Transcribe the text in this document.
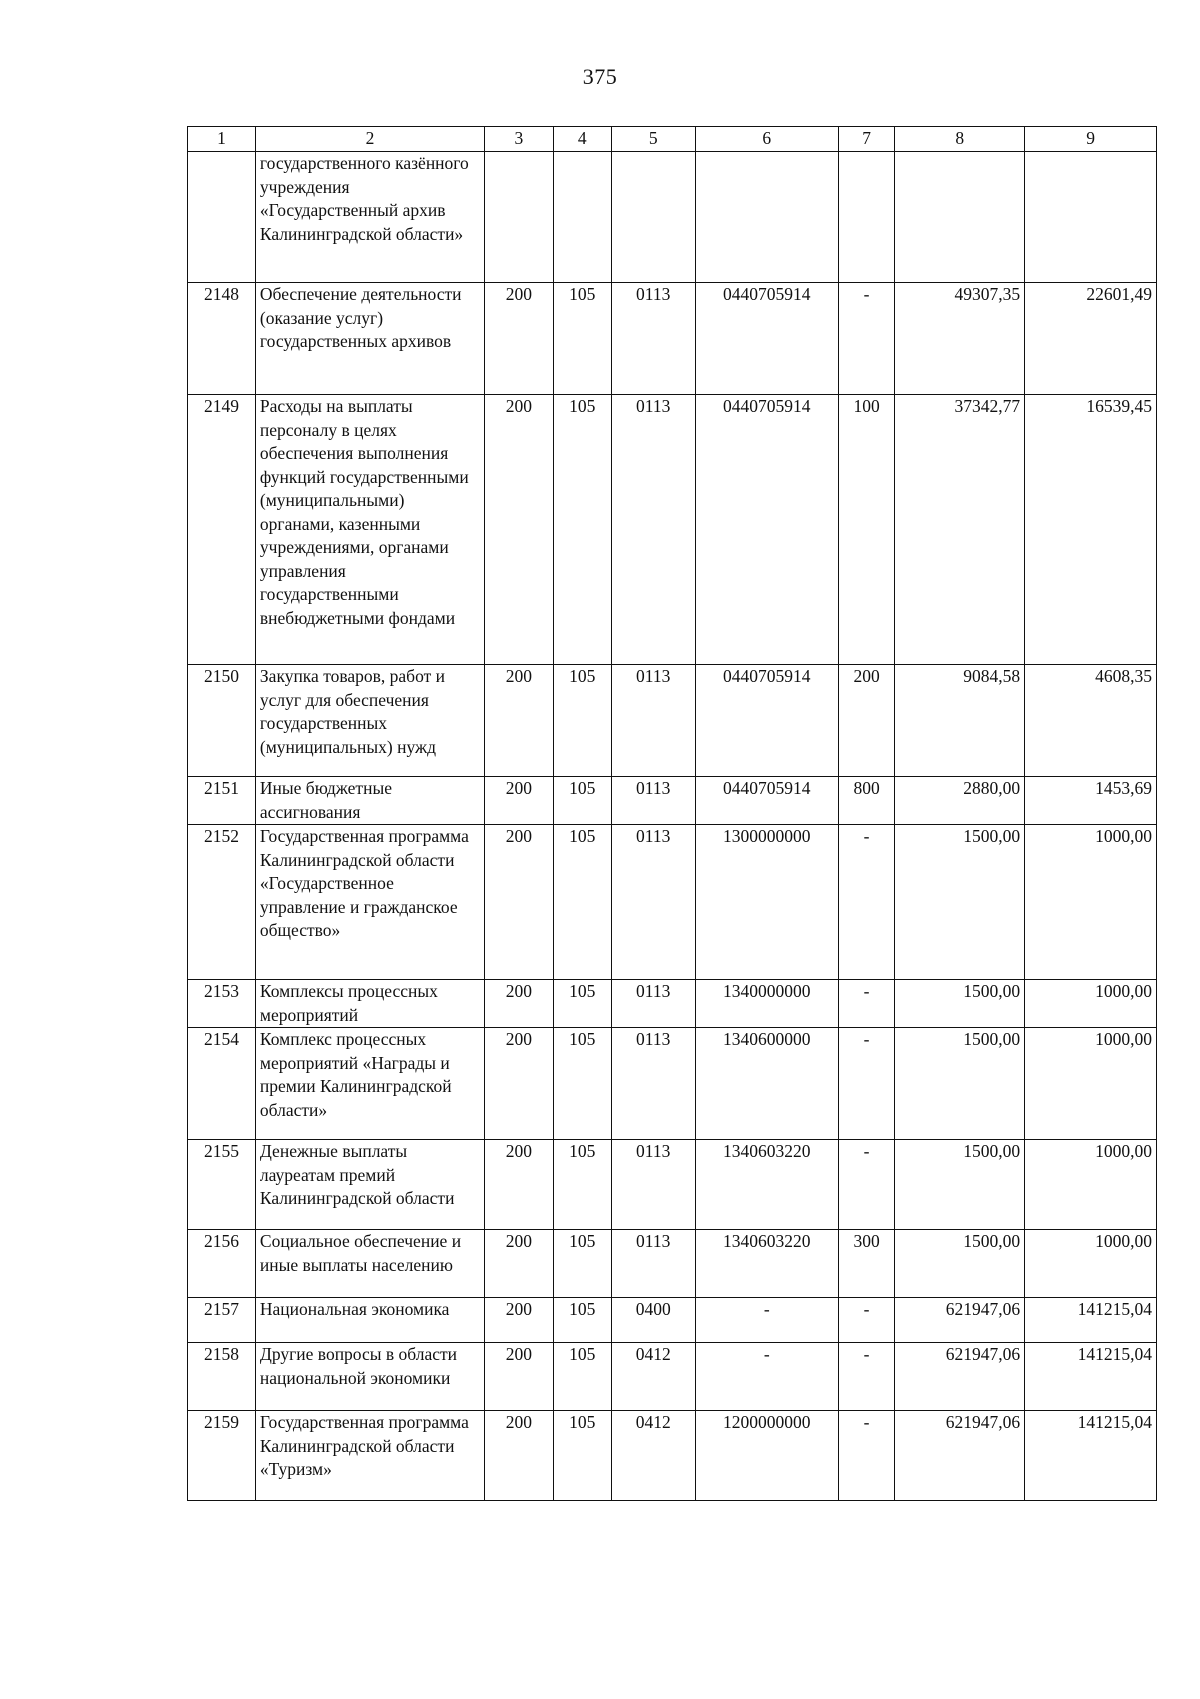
375
1	2	3	4	5	6	7	8	9
	государственного казённого учреждения «Государственный архив Калининградской области»							
2148	Обеспечение деятельности (оказание услуг) государственных архивов	200	105	0113	0440705914	-	49307,35	22601,49
2149	Расходы на выплаты персоналу в целях обеспечения выполнения функций государственными (муниципальными) органами, казенными учреждениями, органами управления государственными внебюджетными фондами	200	105	0113	0440705914	100	37342,77	16539,45
2150	Закупка товаров, работ и услуг для обеспечения государственных (муниципальных) нужд	200	105	0113	0440705914	200	9084,58	4608,35
2151	Иные бюджетные ассигнования	200	105	0113	0440705914	800	2880,00	1453,69
2152	Государственная программа Калининградской области «Государственное управление и гражданское общество»	200	105	0113	1300000000	-	1500,00	1000,00
2153	Комплексы процессных мероприятий	200	105	0113	1340000000	-	1500,00	1000,00
2154	Комплекс процессных мероприятий «Награды и премии Калининградской области»	200	105	0113	1340600000	-	1500,00	1000,00
2155	Денежные выплаты лауреатам премий Калининградской области	200	105	0113	1340603220	-	1500,00	1000,00
2156	Социальное обеспечение и иные выплаты населению	200	105	0113	1340603220	300	1500,00	1000,00
2157	Национальная экономика	200	105	0400	-	-	621947,06	141215,04
2158	Другие вопросы в области национальной экономики	200	105	0412	-	-	621947,06	141215,04
2159	Государственная программа Калининградской области «Туризм»	200	105	0412	1200000000	-	621947,06	141215,04
